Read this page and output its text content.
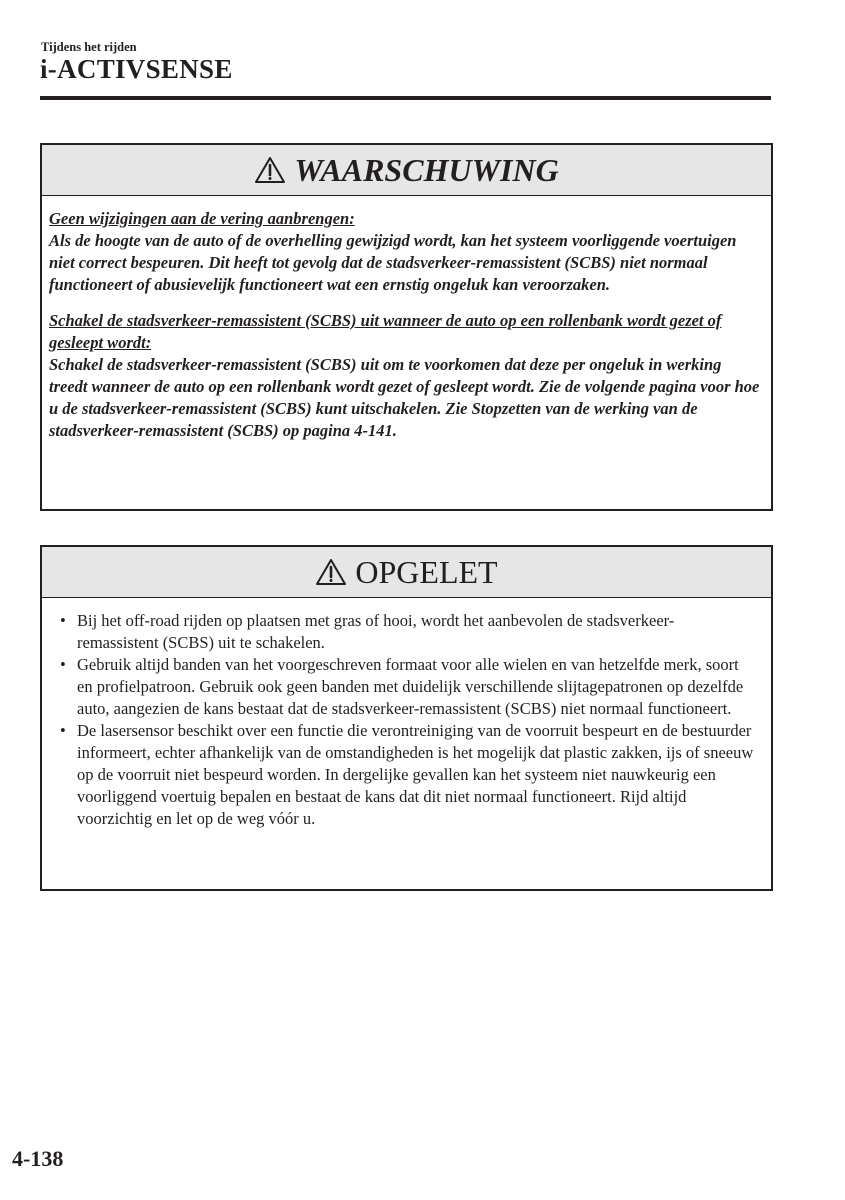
Tijdens het rijden
i-ACTIVSENSE
WAARSCHUWING

Geen wijzigingen aan de vering aanbrengen:
Als de hoogte van de auto of de overhelling gewijzigd wordt, kan het systeem voorliggende voertuigen niet correct bespeuren. Dit heeft tot gevolg dat de stadsverkeer-remassistent (SCBS) niet normaal functioneert of abusievelijk functioneert wat een ernstig ongeluk kan veroorzaken.

Schakel de stadsverkeer-remassistent (SCBS) uit wanneer de auto op een rollenbank wordt gezet of gesleept wordt:
Schakel de stadsverkeer-remassistent (SCBS) uit om te voorkomen dat deze per ongeluk in werking treedt wanneer de auto op een rollenbank wordt gezet of gesleept wordt. Zie de volgende pagina voor hoe u de stadsverkeer-remassistent (SCBS) kunt uitschakelen. Zie Stopzetten van de werking van de stadsverkeer-remassistent (SCBS) op pagina 4-141.

OPGELET
• Bij het off-road rijden op plaatsen met gras of hooi, wordt het aanbevolen de stadsverkeer-remassistent (SCBS) uit te schakelen.
• Gebruik altijd banden van het voorgeschreven formaat voor alle wielen en van hetzelfde merk, soort en profielpatroon. Gebruik ook geen banden met duidelijk verschillende slijtagepatronen op dezelfde auto, aangezien de kans bestaat dat de stadsverkeer-remassistent (SCBS) niet normaal functioneert.
• De lasersensor beschikt over een functie die verontreiniging van de voorruit bespeurt en de bestuurder informeert, echter afhankelijk van de omstandigheden is het mogelijk dat plastic zakken, ijs of sneeuw op de voorruit niet bespeurd worden. In dergelijke gevallen kan het systeem niet nauwkeurig een voorliggend voertuig bepalen en bestaat de kans dat dit niet normaal functioneert. Rijd altijd voorzichtig en let op de weg vóór u.
4-138
